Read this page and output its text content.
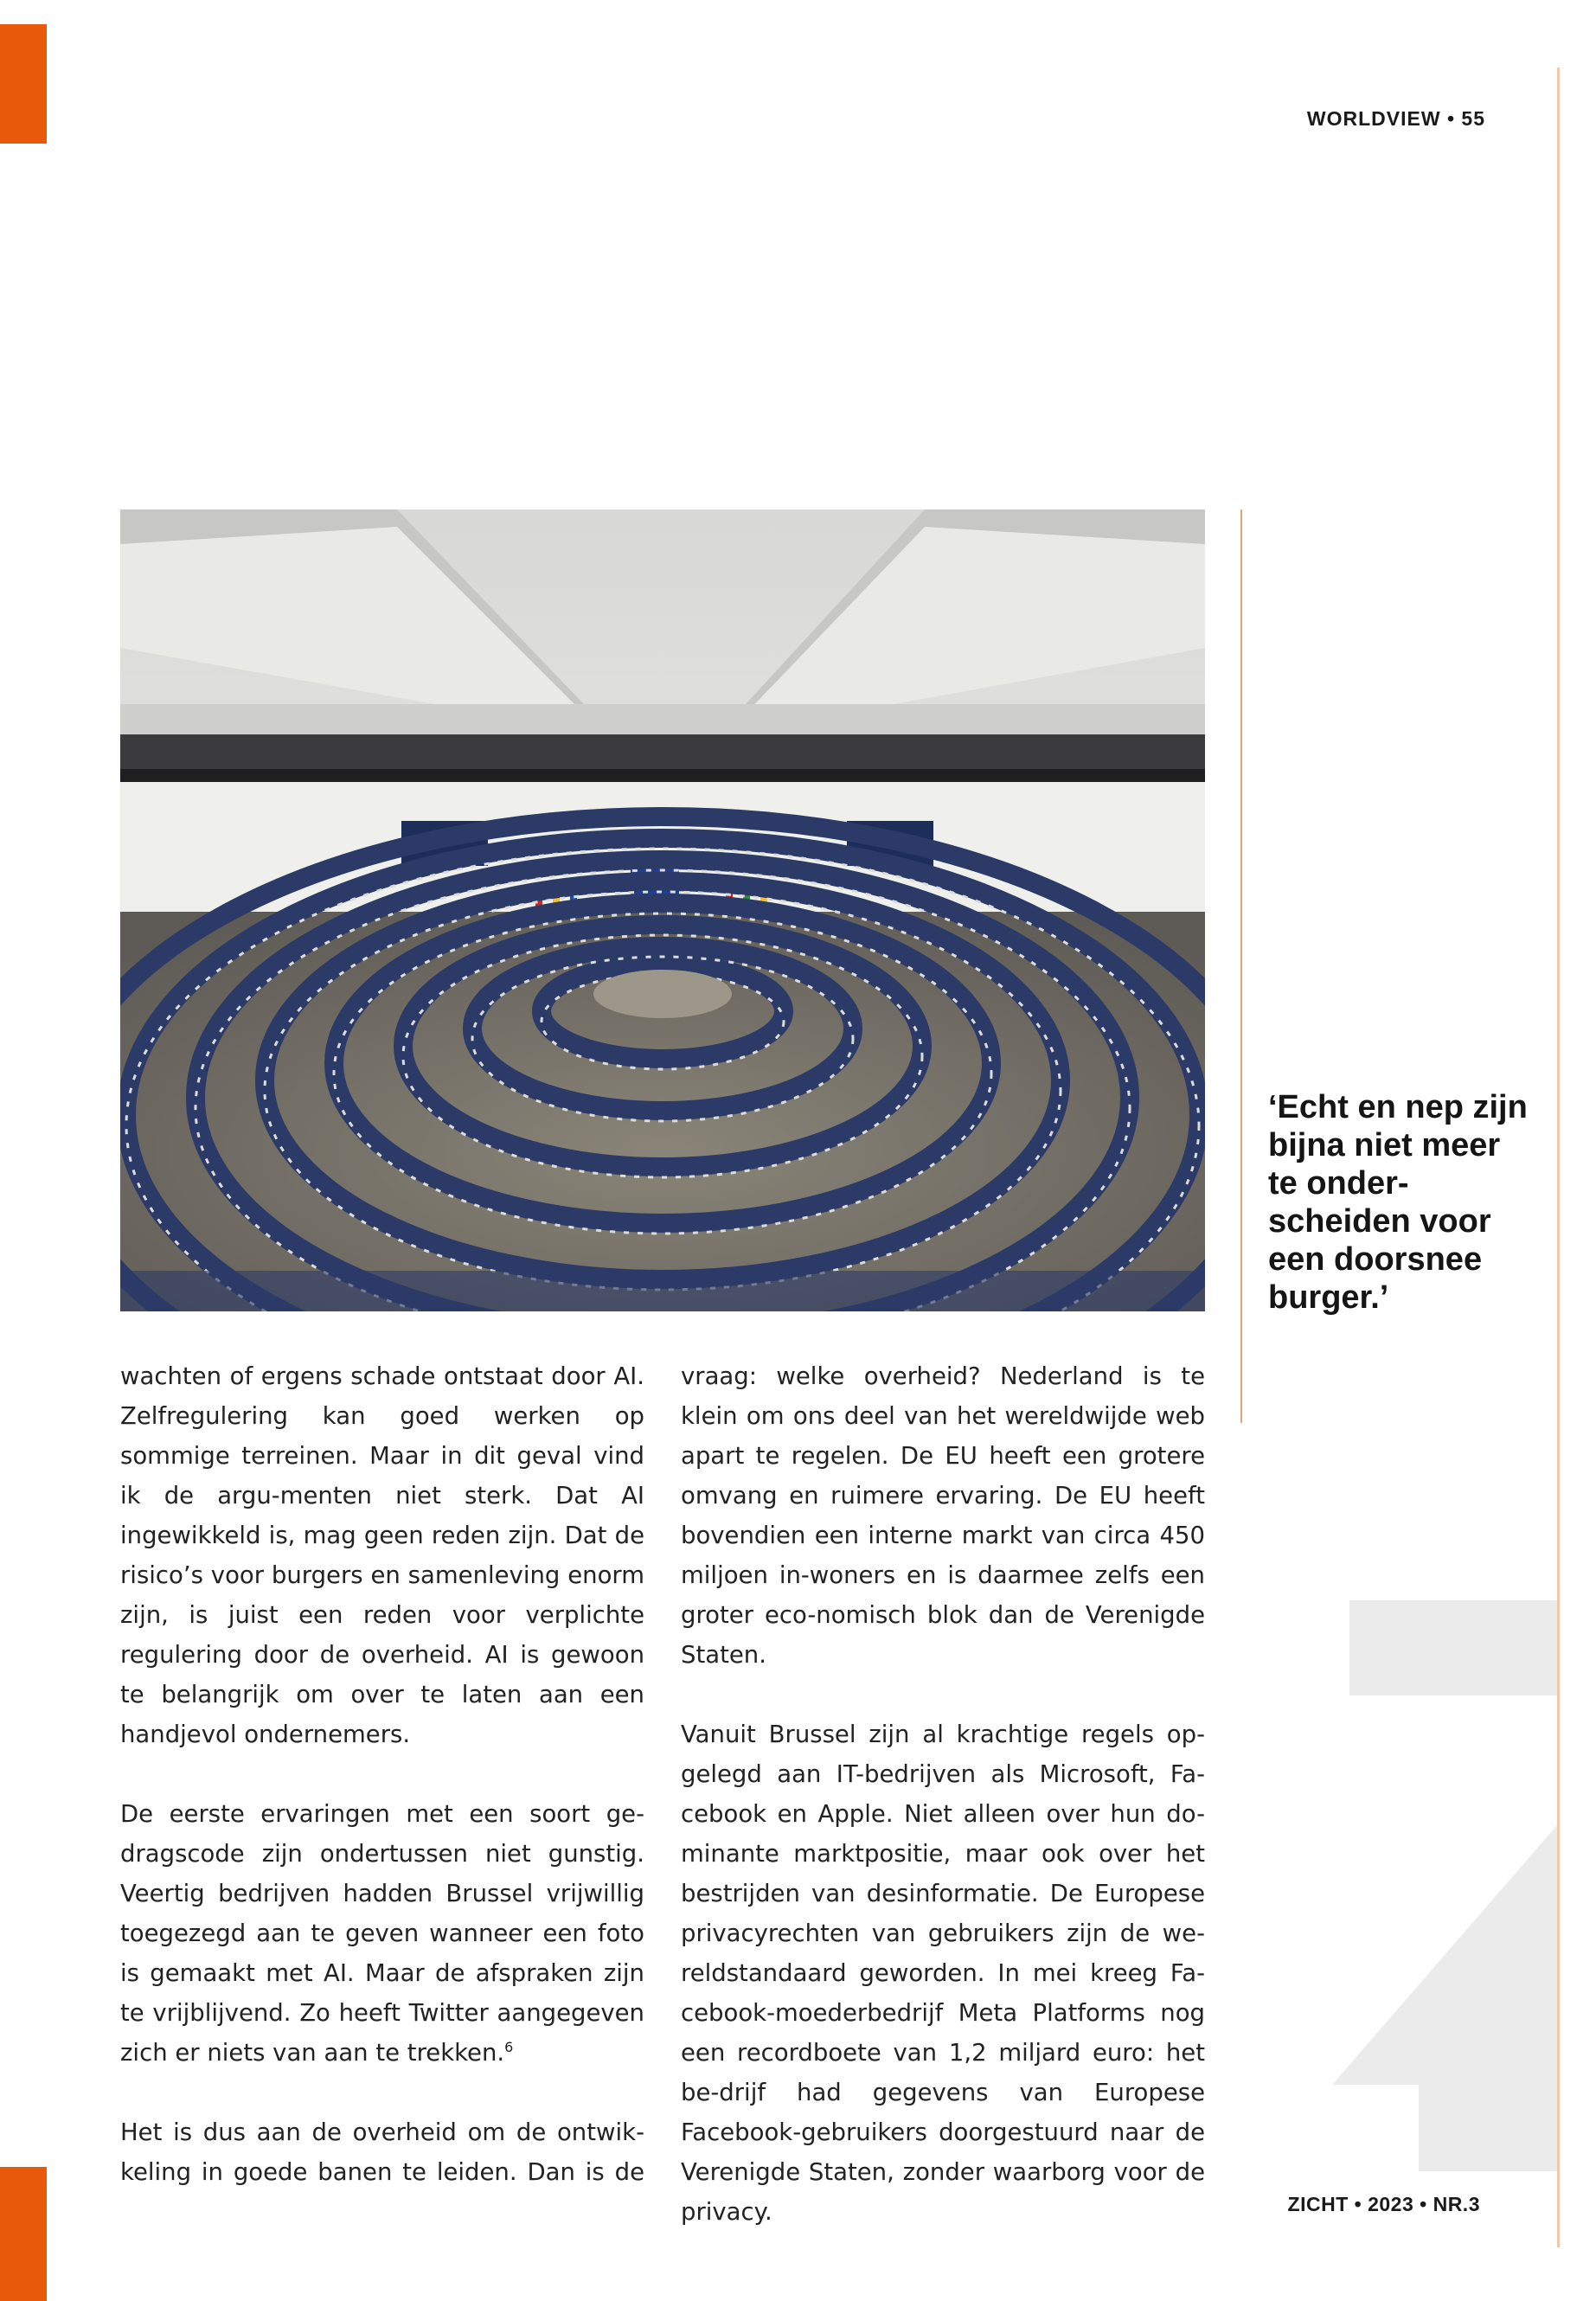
WORLDVIEW • 55
‘Echt en nep zijn bijna niet meer te onder-scheiden voor een doorsnee burger.’

wachten of ergens schade ontstaat door AI. Zelfregulering kan goed werken op sommige terreinen. Maar in dit geval vind ik de argu-menten niet sterk. Dat AI ingewikkeld is, mag geen reden zijn. Dat de risico’s voor burgers en samenleving enorm zijn, is juist een reden voor verplichte regulering door de overheid. AI is gewoon te belangrijk om over te laten aan een handjevol ondernemers.

De eerste ervaringen met een soort ge-dragscode zijn ondertussen niet gunstig. Veertig bedrijven hadden Brussel vrijwillig toegezegd aan te geven wanneer een foto is gemaakt met AI. Maar de afspraken zijn te vrijblijvend. Zo heeft Twitter aangegeven zich er niets van aan te trekken.$^6$

Het is dus aan de overheid om de ontwik-keling in goede banen te leiden. Dan is de

vraag: welke overheid? Nederland is te klein om ons deel van het wereldwijde web apart te regelen. De EU heeft een grotere omvang en ruimere ervaring. De EU heeft bovendien een interne markt van circa 450 miljoen in-woners en is daarmee zelfs een groter eco-nomisch blok dan de Verenigde Staten.

Vanuit Brussel zijn al krachtige regels op-gelegd aan IT-bedrijven als Microsoft, Fa-cebook en Apple. Niet alleen over hun do-minante marktpositie, maar ook over het bestrijden van desinformatie. De Europese privacyrechten van gebruikers zijn de we-reldstandaard geworden. In mei kreeg Fa-cebook-moederbedrijf Meta Platforms nog een recordboete van 1,2 miljard euro: het be-drijf had gegevens van Europese Facebook-gebruikers doorgestuurd naar de Verenigde Staten, zonder waarborg voor de privacy.	ZICHT • 2023 • NR.3
